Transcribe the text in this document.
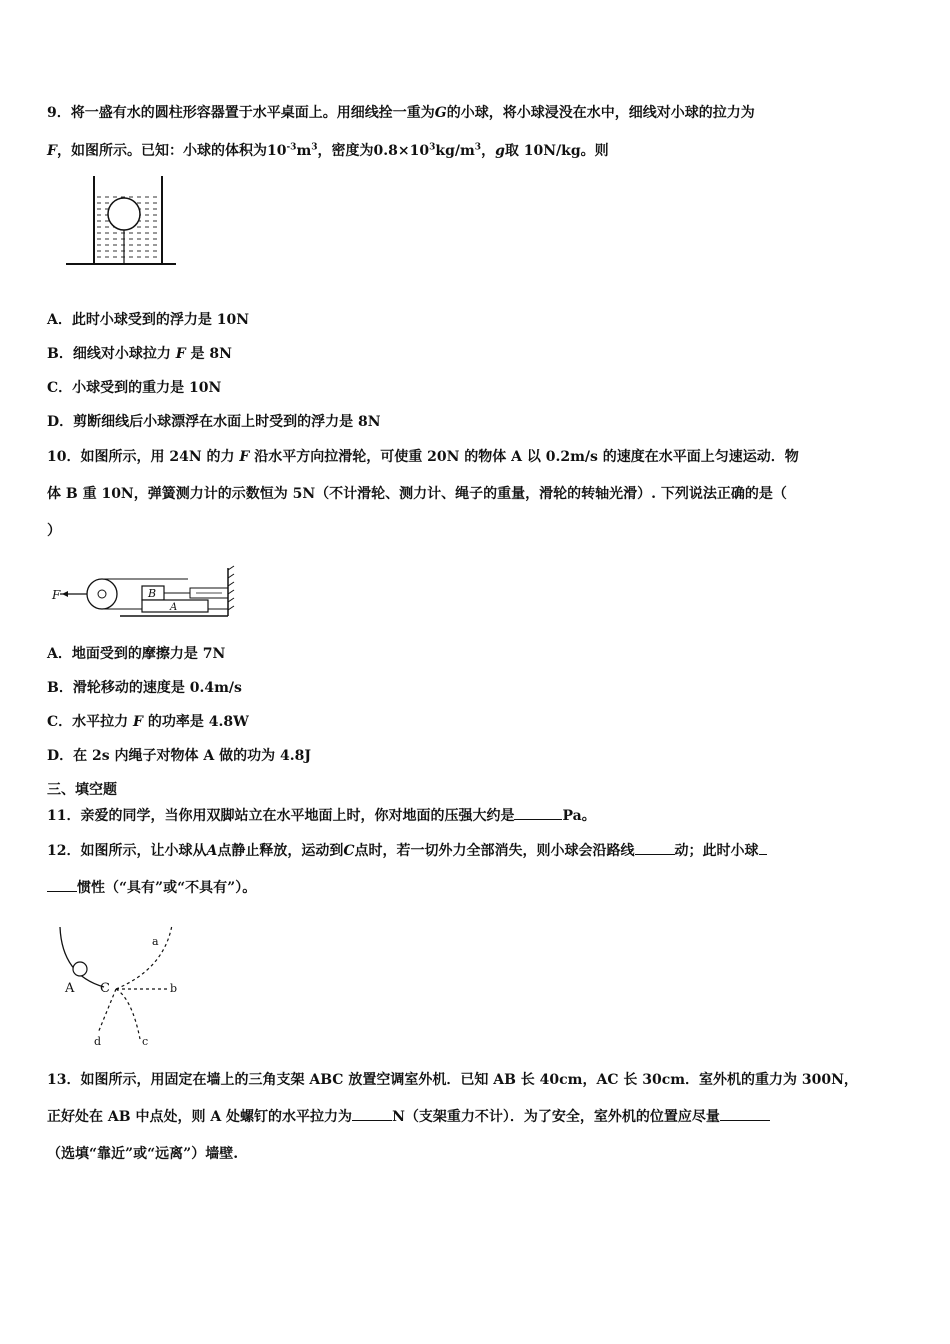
9．将一盛有水的圆柱形容器置于水平桌面上。用细线拴一重为G的小球，将小球浸没在水中，细线对小球的拉力为
F，如图所示。已知：小球的体积为$10^{-3}m^3$，密度为$0.8\times 10^3kg/m^3$，g取 10N/kg。则
A．此时小球受到的浮力是 10N
B．细线对小球拉力 F 是 8N
C．小球受到的重力是 10N
D．剪断细线后小球漂浮在水面上时受到的浮力是 8N
10．如图所示，用 24N 的力 F 沿水平方向拉滑轮，可使重 20N 的物体 A 以 0.2m/s 的速度在水平面上匀速运动．物
体 B 重 10N，弹簧测力计的示数恒为 5N（不计滑轮、测力计、绳子的重量，滑轮的转轴光滑）. 下列说法正确的是（
）
F	B
A
A．地面受到的摩擦力是 7N
B．滑轮移动的速度是 0.4m/s
C．水平拉力 F 的功率是 4.8W
D．在 2s 内绳子对物体 A 做的功为 4.8J
三、填空题
11．亲爱的同学，当你用双脚站立在水平地面上时，你对地面的压强大约是	Pa。
12．如图所示，让小球从A点静止释放，运动到C点时，若一切外力全部消失，则小球会沿路线	动；此时小球
惯性（“具有”或“不具有”）。
A C
a
b
c
d
13．如图所示，用固定在墙上的三角支架 ABC 放置空调室外机．已知 AB 长 40cm，AC 长 30cm．室外机的重力为 300N，
正好处在 AB 中点处，则 A 处螺钉的水平拉力为	N（支架重力不计）．为了安全，室外机的位置应尽量
（选填“靠近”或“远离”）墙壁.
